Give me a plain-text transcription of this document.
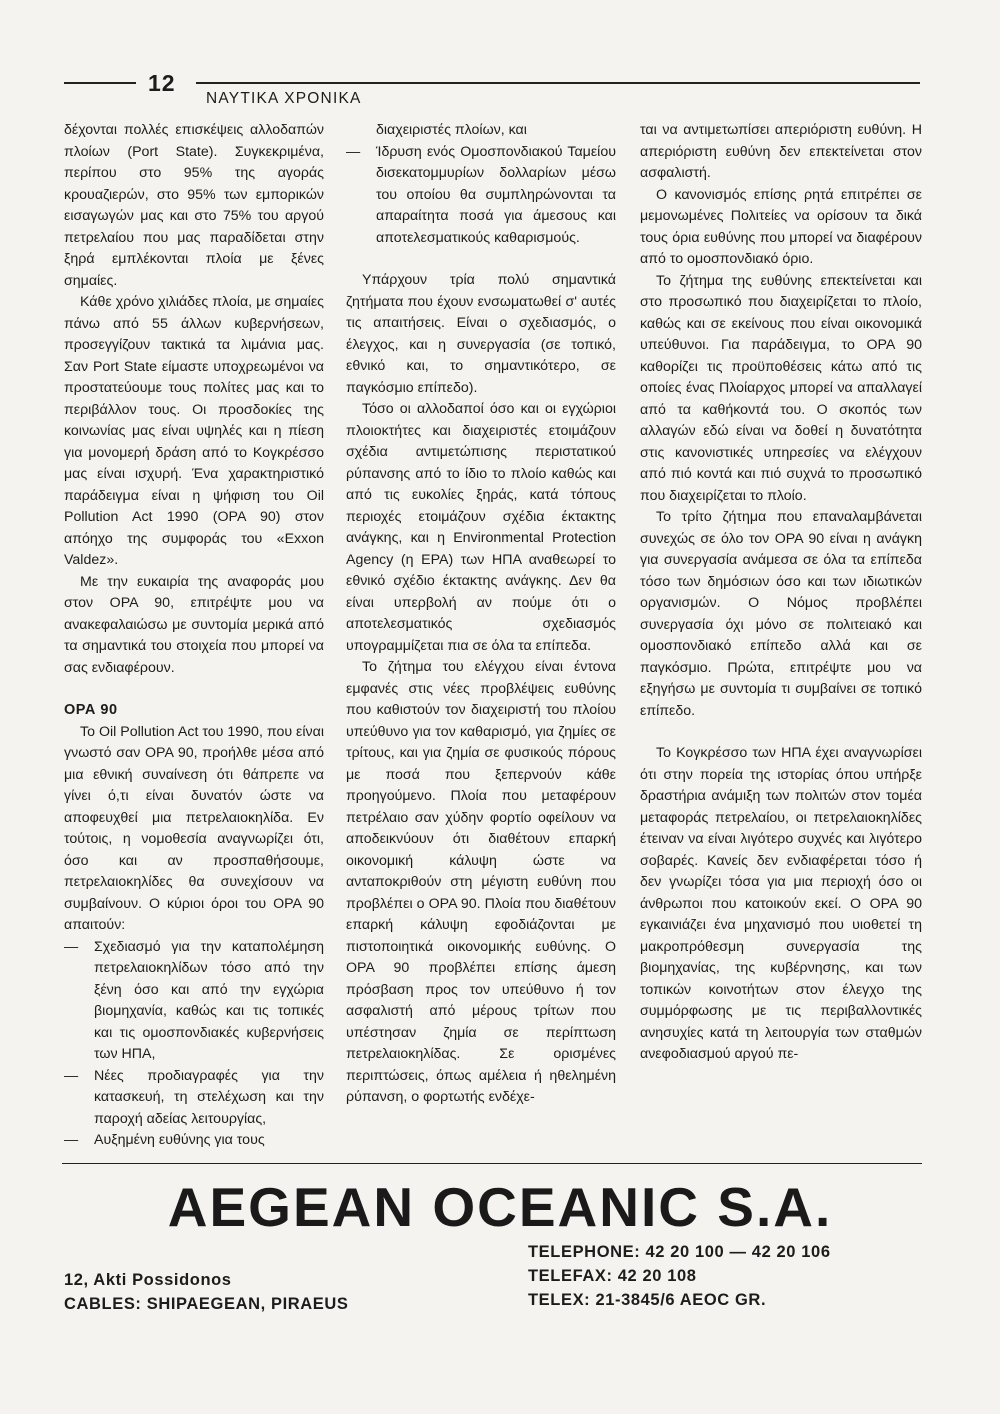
12
ΝΑΥΤΙΚΑ ΧΡΟΝΙΚΑ

δέχονται πολλές επισκέψεις αλλοδαπών πλοίων (Port State). Συγκεκριμένα, περίπου στο 95% της αγοράς κρουαζιερών, στο 95% των εμπορικών εισαγωγών μας και στο 75% του αργού πετρελαίου που μας παραδίδεται στην ξηρά εμπλέκονται πλοία με ξένες σημαίες.

Κάθε χρόνο χιλιάδες πλοία, με σημαίες πάνω από 55 άλλων κυβερνήσεων, προσεγγίζουν τακτικά τα λιμάνια μας. Σαν Port State είμαστε υποχρεωμένοι να προστατεύουμε τους πολίτες μας και το περιβάλλον τους. Οι προσδοκίες της κοινωνίας μας είναι υψηλές και η πίεση για μονομερή δράση από το Κογκρέσσο μας είναι ισχυρή. Ένα χαρακτηριστικό παράδειγμα είναι η ψήφιση του Oil Pollution Act 1990 (ΟΡΑ 90) στον απόηχο της συμφοράς του «Exxon Valdez».

Με την ευκαιρία της αναφοράς μου στον ΟΡΑ 90, επιτρέψτε μου να ανακεφαλαιώσω με συντομία μερικά από τα σημαντικά του στοιχεία που μπορεί να σας ενδιαφέρουν.

ΟΡΑ 90

Το Oil Pollution Act του 1990, που είναι γνωστό σαν ΟΡΑ 90, προήλθε μέσα από μια εθνική συναίνεση ότι θάπρεπε να γίνει ό,τι είναι δυνατόν ώστε να αποφευχθεί μια πετρελαιοκηλίδα. Εν τούτοις, η νομοθεσία αναγνωρίζει ότι, όσο και αν προσπαθήσουμε, πετρελαιοκηλίδες θα συνεχίσουν να συμβαίνουν. Ο κύριοι όροι του ΟΡΑ 90 απαιτούν:

—	Σχεδιασμό για την καταπολέμηση πετρελαιοκηλίδων τόσο από την ξένη όσο και από την εγχώρια βιομηχανία, καθώς και τις τοπικές και τις ομοσπονδιακές κυβερνήσεις των ΗΠΑ,
—	Νέες προδιαγραφές για την κατασκευή, τη στελέχωση και την παροχή αδείας λειτουργίας,
—	Αυξημένη ευθύνης για τους
διαχειριστές πλοίων, και
—	Ίδρυση ενός Ομοσπονδιακού Ταμείου δισεκατομμυρίων δολλαρίων μέσω του οποίου θα συμπληρώνονται τα απαραίτητα ποσά για άμεσους και αποτελεσματικούς καθαρισμούς.

Υπάρχουν τρία πολύ σημαντικά ζητήματα που έχουν ενσωματωθεί σ' αυτές τις απαιτήσεις. Είναι ο σχεδιασμός, ο έλεγχος, και η συνεργασία (σε τοπικό, εθνικό και, το σημαντικότερο, σε παγκόσμιο επίπεδο).

Τόσο οι αλλοδαποί όσο και οι εγχώριοι πλοιοκτήτες και διαχειριστές ετοιμάζουν σχέδια αντιμετώπισης περιστατικού ρύπανσης από το ίδιο το πλοίο καθώς και από τις ευκολίες ξηράς, κατά τόπους περιοχές ετοιμάζουν σχέδια έκτακτης ανάγκης, και η Environmental Protection Agency (η ΕΡΑ) των ΗΠΑ αναθεωρεί το εθνικό σχέδιο έκτακτης ανάγκης. Δεν θα είναι υπερβολή αν πούμε ότι ο αποτελεσματικός σχεδιασμός υπογραμμίζεται πια σε όλα τα επίπεδα.

Το ζήτημα του ελέγχου είναι έντονα εμφανές στις νέες προβλέψεις ευθύνης που καθιστούν τον διαχειριστή του πλοίου υπεύθυνο για τον καθαρισμό, για ζημίες σε τρίτους, και για ζημία σε φυσικούς πόρους με ποσά που ξεπερνούν κάθε προηγούμενο. Πλοία που μεταφέρουν πετρέλαιο σαν χύδην φορτίο οφείλουν να αποδεικνύουν ότι διαθέτουν επαρκή οικονομική κάλυψη ώστε να ανταποκριθούν στη μέγιστη ευθύνη που προβλέπει ο ΟΡΑ 90. Πλοία που διαθέτουν επαρκή κάλυψη εφοδιάζονται με πιστοποιητικά οικονομικής ευθύνης. Ο ΟΡΑ 90 προβλέπει επίσης άμεση πρόσβαση προς τον υπεύθυνο ή τον ασφαλιστή από μέρους τρίτων που υπέστησαν ζημία σε περίπτωση πετρελαιοκηλίδας. Σε ορισμένες περιπτώσεις, όπως αμέλεια ή ηθελημένη ρύπανση, ο φορτωτής ενδέχε-

ται να αντιμετωπίσει απεριόριστη ευθύνη. Η απεριόριστη ευθύνη δεν επεκτείνεται στον ασφαλιστή.

Ο κανονισμός επίσης ρητά επιτρέπει σε μεμονωμένες Πολιτείες να ορίσουν τα δικά τους όρια ευθύνης που μπορεί να διαφέρουν από το ομοσπονδιακό όριο.

Το ζήτημα της ευθύνης επεκτείνεται και στο προσωπικό που διαχειρίζεται το πλοίο, καθώς και σε εκείνους που είναι οικονομικά υπεύθυνοι. Για παράδειγμα, το ΟΡΑ 90 καθορίζει τις προϋποθέσεις κάτω από τις οποίες ένας Πλοίαρχος μπορεί να απαλλαγεί από τα καθήκοντά του. Ο σκοπός των αλλαγών εδώ είναι να δοθεί η δυνατότητα στις κανονιστικές υπηρεσίες να ελέγχουν από πιό κοντά και πιό συχνά το προσωπικό που διαχειρίζεται το πλοίο.

Το τρίτο ζήτημα που επαναλαμβάνεται συνεχώς σε όλο τον ΟΡΑ 90 είναι η ανάγκη για συνεργασία ανάμεσα σε όλα τα επίπεδα τόσο των δημόσιων όσο και των ιδιωτικών οργανισμών. Ο Νόμος προβλέπει συνεργασία όχι μόνο σε πολιτειακό και ομοσπονδιακό επίπεδο αλλά και σε παγκόσμιο. Πρώτα, επιτρέψτε μου να εξηγήσω με συντομία τι συμβαίνει σε τοπικό επίπεδο.

Το Κογκρέσσο των ΗΠΑ έχει αναγνωρίσει ότι στην πορεία της ιστορίας όπου υπήρξε δραστήρια ανάμιξη των πολιτών στον τομέα μεταφοράς πετρελαίου, οι πετρελαιοκηλίδες έτειναν να είναι λιγότερο συχνές και λιγότερο σοβαρές. Κανείς δεν ενδιαφέρεται τόσο ή δεν γνωρίζει τόσα για μια περιοχή όσο οι άνθρωποι που κατοικούν εκεί. Ο ΟΡΑ 90 εγκαινιάζει ένα μηχανισμό που υιοθετεί τη μακροπρόθεσμη συνεργασία της βιομηχανίας, της κυβέρνησης, και των τοπικών κοινοτήτων στον έλεγχο της συμμόρφωσης με τις περιβαλλοντικές ανησυχίες κατά τη λειτουργία των σταθμών ανεφοδιασμού αργού πε-

AEGEAN OCEANIC S.A.
12, Akti Possidonos
CABLES: SHIPAEGEAN, PIRAEUS
TELEPHONE: 42 20 100 — 42 20 106
TELEFAX: 42 20 108
TELEX: 21-3845/6 AEOC GR.
